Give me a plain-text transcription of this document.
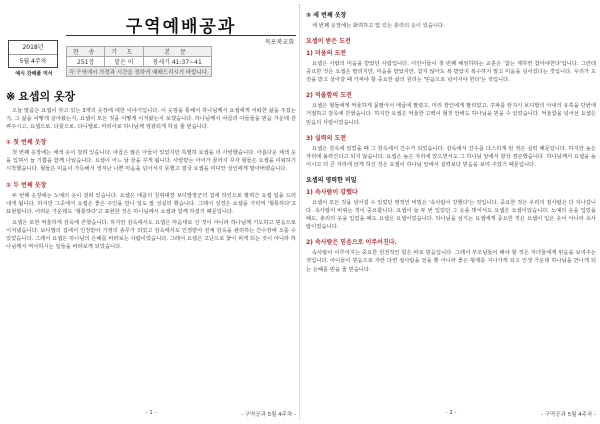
구역예배공과
목포북교회
2018년
5월 4주차
예식 강해풀 먹서
찬 송	기 도	본 문
251장	맡은 이	창세기 41:37~41
각 구역에서 가정과 시간을 정하여 예배드리시기 바랍니다.		
※ 요셉의 옷장

오늘 말씀은 요셉이 갖고 있는 3개의 옷장에 대한 이야기입니다. 이 옷장을 통해서 하나님께서 요셉에게 어떠한 삶을 주셨는지, 그 삶을 어떻게 살아왔는지, 요셉이 모든 것을 어떻게 이겨왔는지 보겠습니다. 하나님께서 야곱과 아들들을 믿음 가운데 감싸주시고, 요셉으로, 다윗으로, 다니엘로, 마리아로 하나님께 영광되게 하실 줄 믿습니다.

① 첫 번째 옷장

첫 번째 옷장에는 채색 옷이 걸려 있습니다. 야곱은 많은 아들이 있었지만 특별히 요셉을 더 사랑했습니다. 아름다운 채색 옷을 입혀서 늘 기쁨을 함께 나눴습니다. 요셉이 어느 날 꿈을 꾸게 됩니다. 사랑받는 아이가 꿈까지 꾸자 형들은 요셉을 미워하기 시작했습니다. 형들은 미움이 가득해서 생겨난 나쁜 마음을 넘어서지 못했고 결국 요셉을 미디안 상인에게 팔아버렸습니다.

② 두 번째 옷장

두 번째 옷장에는 노예의 옷이 걸려 있습니다. 요셉은 애굽의 친위대장 보디발장군의 집에 하인으로 팔려간 요셉 일을 드러내게 됩니다. 하지만 그곳에서 요셉은 좋은 주인을 만나 일도 잘 성실히 했습니다. 그래서 성경은 요셉을 가리켜 '형통하다'고 표현합니다. 어려운 가운데도 '형통하다'고 표현한 것은 하나님께서 요셉과 함께 하셨기 때문입니다.

요셉은 또한 억울하게 감옥에 갇혔습니다. 하지만 감옥에서도 요셉은 마음대로 산 것이 아니라 하나님께 기도하고 믿음으로 이겨냈습니다. 보디발의 집에서 인정받아 가정의 총무가 되었고 감옥에서도 인정받아 전체 감옥을 관리하는 간수장에 오를 수 있었습니다. 그래서 요셉은 하나님의 은혜를 바라보는 사람이었습니다. 그래서 요셉은 고난으로 꽃이 피게 되는 것이 아니라 하나님께서 역사하시는 일들을 바라보게 되었습니다.

- 1 -	- 구역공과 5월 4주차 -
③ 세 번째 옷장

세 번째 옷장에는 화려하고 빛 있는 총리의 옷이 있습니다.

요셉이 받은 도전
1) 미움의 도전

요셉은 사람의 미움을 받았던 사람입니다. 어린이들이 첫 번째 해임하하는 교훈은 '참는 제하면 참아야한다'입니다. 그런데 중요한 것은 요셉은 말리지만, 미움을 받았지만, 참지 않아도 복 받았지 복수하지 말고 미움을 넘어섰다는 것입니다. 우리가 도전을 받고 살아갈 때 가져야 할 중요한 삶의 원리는 '믿음으로 넘어서야 한다'는 것입니다.

2) 억울함의 도전

요셉은 형들에게 억울하게 몸팔아서 애굽에 팔렸고, 미리 장인에게 팔리었고, 주파를 탄지시 보디발의 아내의 유혹을 단번에 거절하고 감옥에 갇혔습니다. 하지만 요셉은 억울한 고백이 형것 안에도 하나님을 믿을 수 있었습니다. 억울함을 넘어선 요셉은 믿음의 사람이었습니다.

3) 실력의 도전

요셉은 감옥에 있었을 때 그 감옥에서 간수가 되었습니다. 감옥에서 간수를 다스리게 된 것은 실력 때문입니다. 하지만 높은 자리에 올라간다고 되지 않습니다. 요셉은 높은 자리에 앉으면서도 그 하나님 앞에서 항상 겸손했습니다. 하나님께서 요셉을 높이시고 더 큰 자리에 앉게 하신 것은 요셉이 하나님 앞에서 실력보다 믿음을 보여 주었기 때문입니다.

요셉의 영력한 비밀
1) 속사람이 강했다

요셉이 모든 것을 넘어설 수 있었던 영적인 비밀은 '속사람이 강했다'는 것입니다. 중요한 것은 우리의 겉사람은 다 지나갑니다. 속사람이 바뀌는 것이 중요합니다. 요셉이 늘 두 번 입었던 그 옷을 벗어서도 요셉은 요셉이었습니다. 노예의 옷을 입었을 때도, 총리의 옷을 입었을 때도 요셉은 요셉이었습니다. 하나님을 섬기는 요셉에게 중요한 것은 요셉이 입은 옷이 아니라 속사람이었습니다.

2) 속사람은 믿음으로 이루어진다.

속사람이 이루어지는 중요한 원천적인 힘은 바로 믿음입니다. 그래서 부모님들이 해야 할 것은 자녀들에게 믿음을 보여주는 것입니다. 아이들이 믿음으로 자란 다면 절사람을 얻을 뿐 아니라 좋은 형제를 지나가게 되고 인생 가운데 하나님을 만나게 되는 은혜를 믿을 줄 믿습니다.

- 2 -	- 구역공과 5월 4주차 -
